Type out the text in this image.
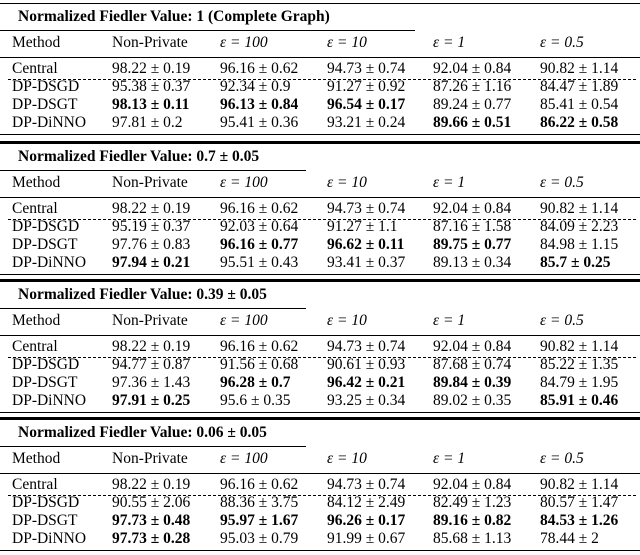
Normalized Fiedler Value: 1 (Complete Graph)
Method	Non-Private ε = 100	ε = 10	ε = 1	ε = 0.5
Central	98.22 ± 0.19 96.16 ± 0.62 94.73 ± 0.74 92.04 ± 0.84 90.82 ± 1.14
DP-DSGD 95.38 ± 0.37 92.34 ± 0.9 91.27 ± 0.92 87.26 ± 1.16 84.47 ± 1.89
DP-DSGT 98.13 ± 0.11 96.13 ± 0.84 96.54 ± 0.17 89.24 ± 0.77 85.41 ± 0.54
DP-DiNNO 97.81 ± 0.2 95.41 ± 0.36 93.21 ± 0.24 89.66 ± 0.51 86.22 ± 0.58
Normalized Fiedler Value: 0.7 ± 0.05
Method	Non-Private ε = 100	ε = 10	ε = 1	ε = 0.5
Central	98.22 ± 0.19 96.16 ± 0.62 94.73 ± 0.74 92.04 ± 0.84 90.82 ± 1.14
DP-DSGD 95.19 ± 0.37 92.03 ± 0.64 91.27 ± 1.1 87.16 ± 1.58 84.09 ± 2.23
DP-DSGT 97.76 ± 0.83 96.16 ± 0.77 96.62 ± 0.11 89.75 ± 0.77 84.98 ± 1.15
DP-DiNNO 97.94 ± 0.21 95.51 ± 0.43 93.41 ± 0.37 89.13 ± 0.34 85.7 ± 0.25
Normalized Fiedler Value: 0.39 ± 0.05
Method	Non-Private ε = 100	ε = 10	ε = 1	ε = 0.5
Central	98.22 ± 0.19 96.16 ± 0.62 94.73 ± 0.74 92.04 ± 0.84 90.82 ± 1.14
DP-DSGD 94.77 ± 0.87 91.56 ± 0.68 90.61 ± 0.93 87.68 ± 0.74 85.22 ± 1.35
DP-DSGT 97.36 ± 1.43 96.28 ± 0.7 96.42 ± 0.21 89.84 ± 0.39 84.79 ± 1.95
DP-DiNNO 97.91 ± 0.25 95.6 ± 0.35 93.25 ± 0.34 89.02 ± 0.35 85.91 ± 0.46
Normalized Fiedler Value: 0.06 ± 0.05
Method	Non-Private ε = 100	ε = 10	ε = 1	ε = 0.5
Central	98.22 ± 0.19 96.16 ± 0.62 94.73 ± 0.74 92.04 ± 0.84 90.82 ± 1.14
DP-DSGD 90.55 ± 2.06 88.36 ± 3.75 84.12 ± 2.49 82.49 ± 1.23 80.57 ± 1.47
DP-DSGT 97.73 ± 0.48 95.97 ± 1.67 96.26 ± 0.17 89.16 ± 0.82 84.53 ± 1.26
DP-DiNNO 97.73 ± 0.28 95.03 ± 0.79 91.99 ± 0.67 85.68 ± 1.13 78.44 ± 2
